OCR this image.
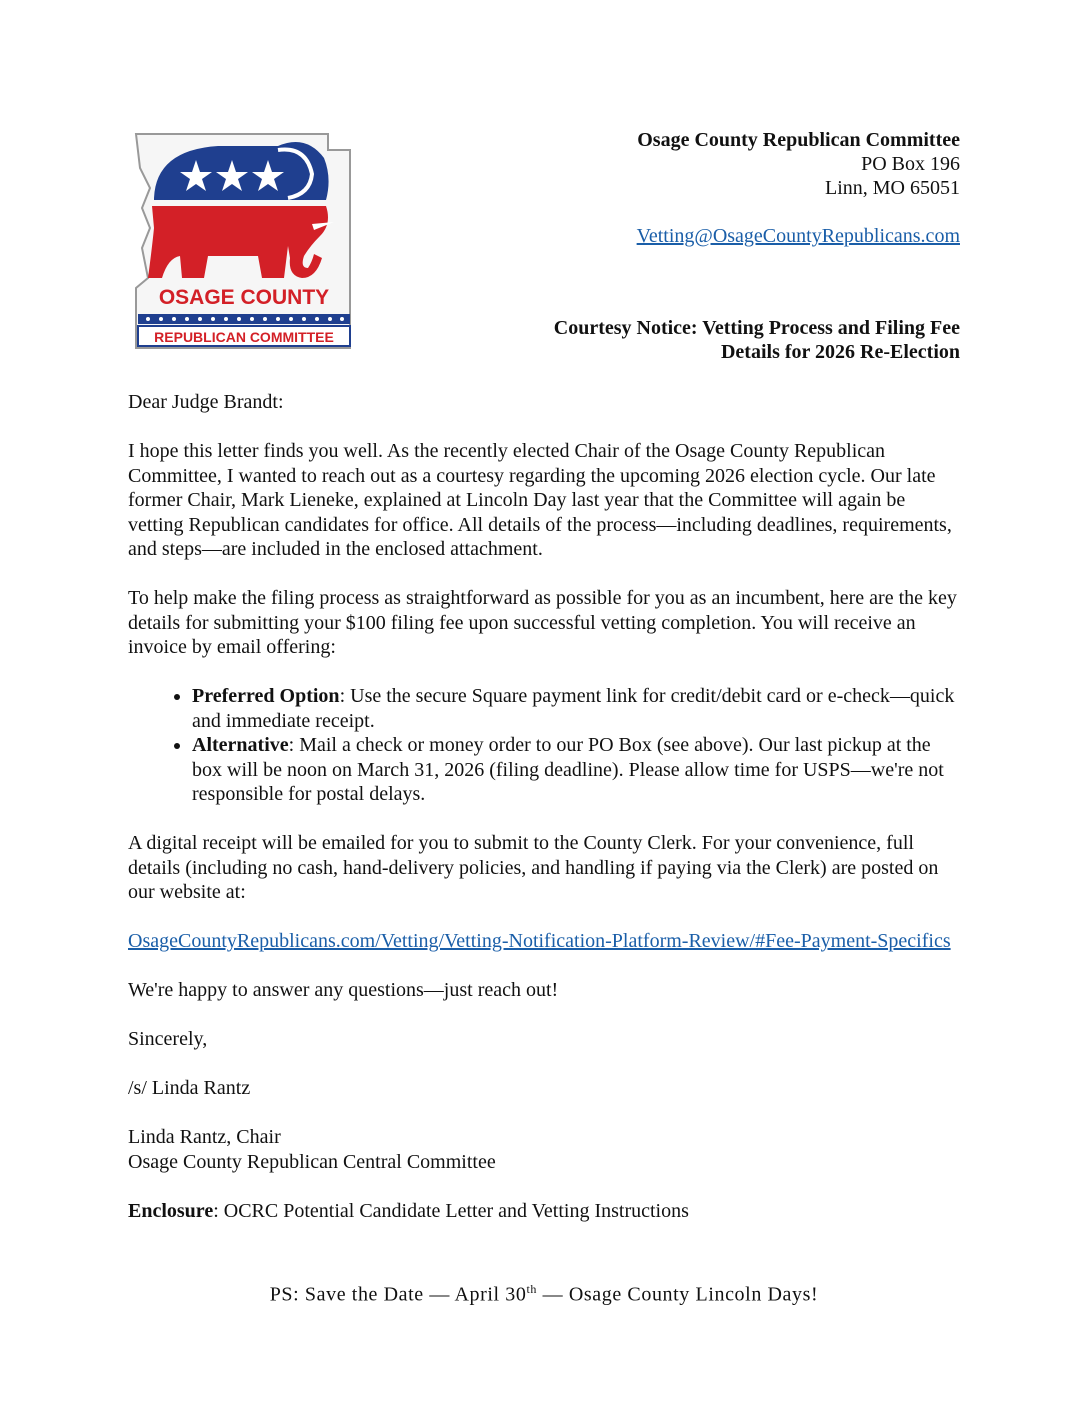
OSAGE COUNTY
REPUBLICAN COMMITTEE
Osage County Republican Committee
PO Box 196
Linn, MO 65051
Vetting@OsageCountyRepublicans.com
Courtesy Notice: Vetting Process and Filing Fee
Details for 2026 Re-Election

Dear Judge Brandt:

I hope this letter finds you well. As the recently elected Chair of the Osage County Republican Committee, I wanted to reach out as a courtesy regarding the upcoming 2026 election cycle. Our late former Chair, Mark Lieneke, explained at Lincoln Day last year that the Committee will again be vetting Republican candidates for office. All details of the process—including deadlines, requirements, and steps—are included in the enclosed attachment.

To help make the filing process as straightforward as possible for you as an incumbent, here are the key details for submitting your $100 filing fee upon successful vetting completion. You will receive an invoice by email offering:

• Preferred Option: Use the secure Square payment link for credit/debit card or e-check—quick and immediate receipt.
• Alternative: Mail a check or money order to our PO Box (see above). Our last pickup at the box will be noon on March 31, 2026 (filing deadline). Please allow time for USPS—we're not responsible for postal delays.

A digital receipt will be emailed for you to submit to the County Clerk. For your convenience, full details (including no cash, hand-delivery policies, and handling if paying via the Clerk) are posted on our website at:

OsageCountyRepublicans.com/Vetting/Vetting-Notification-Platform-Review/#Fee-Payment-Specifics

We're happy to answer any questions—just reach out!

Sincerely,

/s/ Linda Rantz

Linda Rantz, Chair
Osage County Republican Central Committee

Enclosure: OCRC Potential Candidate Letter and Vetting Instructions

PS: Save the Date — April 30th — Osage County Lincoln Days!
